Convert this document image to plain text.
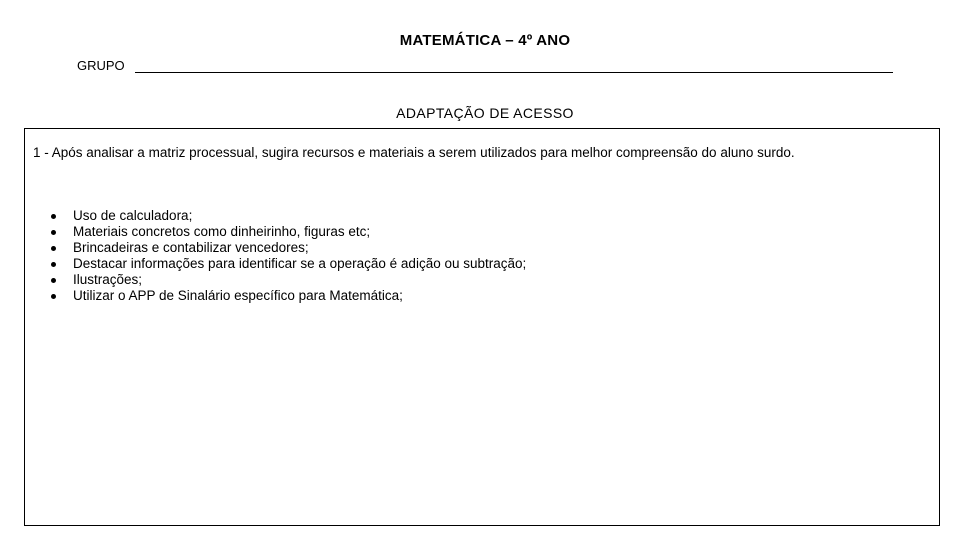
MATEMÁTICA – 4º ANO
GRUPO
ADAPTAÇÃO DE ACESSO
1 - Após analisar a matriz processual, sugira recursos e materiais a serem utilizados para melhor compreensão do aluno surdo.
Uso de calculadora;
Materiais concretos como dinheirinho, figuras etc;
Brincadeiras e contabilizar vencedores;
Destacar informações para identificar se a operação é adição ou subtração;
Ilustrações;
Utilizar o APP de Sinalário específico para Matemática;
